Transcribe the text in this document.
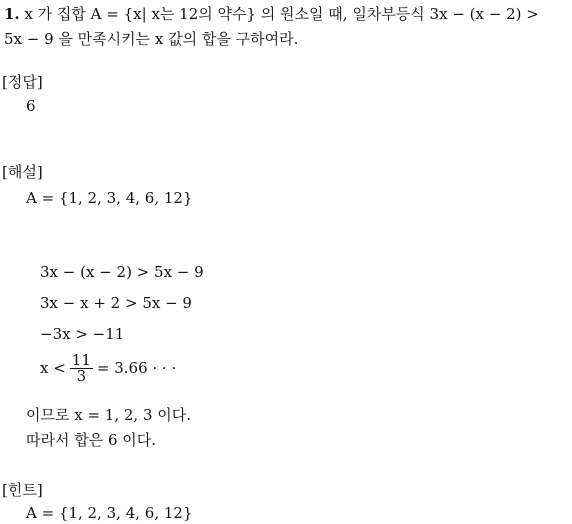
1. x 가 집합 A = {x| x는 12의 약수} 의 원소일 때, 일차부등식 3x − (x − 2) >
5x − 9 을 만족시키는 x 값의 합을 구하여라.
[정답]
6
[해설]
A = {1, 2, 3, 4, 6, 12}
3x − (x − 2) > 5x − 9
3x − x + 2 > 5x − 9
−3x > −11
$x < \frac{11}{3} = 3.66$ · · ·
이므로 x = 1, 2, 3 이다.
따라서 합은 6 이다.
[힌트]
A = {1, 2, 3, 4, 6, 12}
